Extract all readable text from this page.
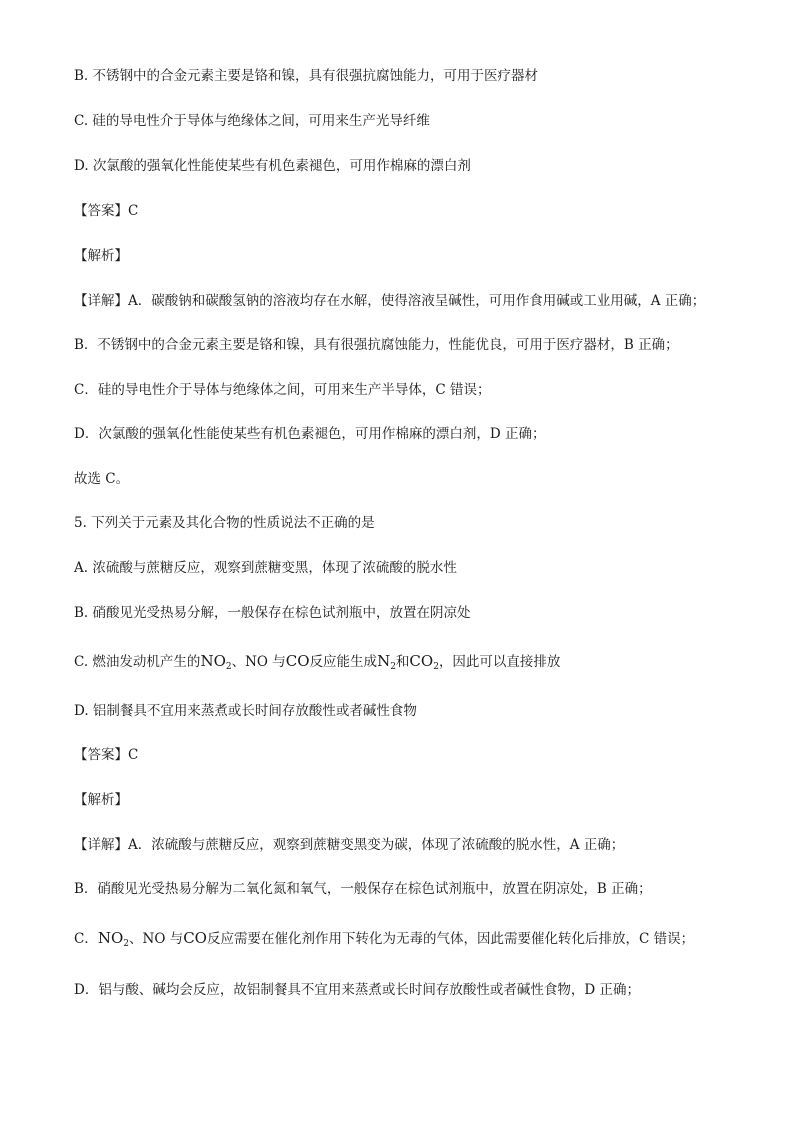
B. 不锈钢中的合金元素主要是铬和镍，具有很强抗腐蚀能力，可用于医疗器材
C. 硅的导电性介于导体与绝缘体之间，可用来生产光导纤维
D. 次氯酸的强氧化性能使某些有机色素褪色，可用作棉麻的漂白剂
【答案】C
【解析】
【详解】A．碳酸钠和碳酸氢钠的溶液均存在水解，使得溶液呈碱性，可用作食用碱或工业用碱，A 正确；
B．不锈钢中的合金元素主要是铬和镍，具有很强抗腐蚀能力，性能优良，可用于医疗器材，B 正确；
C．硅的导电性介于导体与绝缘体之间，可用来生产半导体，C 错误；
D．次氯酸的强氧化性能使某些有机色素褪色，可用作棉麻的漂白剂，D 正确；
故选 C。
5. 下列关于元素及其化合物的性质说法不正确的是
A. 浓硫酸与蔗糖反应，观察到蔗糖变黑，体现了浓硫酸的脱水性
B. 硝酸见光受热易分解，一般保存在棕色试剂瓶中，放置在阴凉处
C. 燃油发动机产生的$NO_2$、NO 与CO反应能生成$N_2$和$CO_2$，因此可以直接排放
D. 铝制餐具不宜用来蒸煮或长时间存放酸性或者碱性食物
【答案】C
【解析】
【详解】A．浓硫酸与蔗糖反应，观察到蔗糖变黑变为碳，体现了浓硫酸的脱水性，A 正确；
B．硝酸见光受热易分解为二氧化氮和氧气，一般保存在棕色试剂瓶中，放置在阴凉处，B 正确；
C．$NO_2$、NO 与CO反应需要在催化剂作用下转化为无毒的气体，因此需要催化转化后排放，C 错误；
D．铝与酸、碱均会反应，故铝制餐具不宜用来蒸煮或长时间存放酸性或者碱性食物，D 正确；
